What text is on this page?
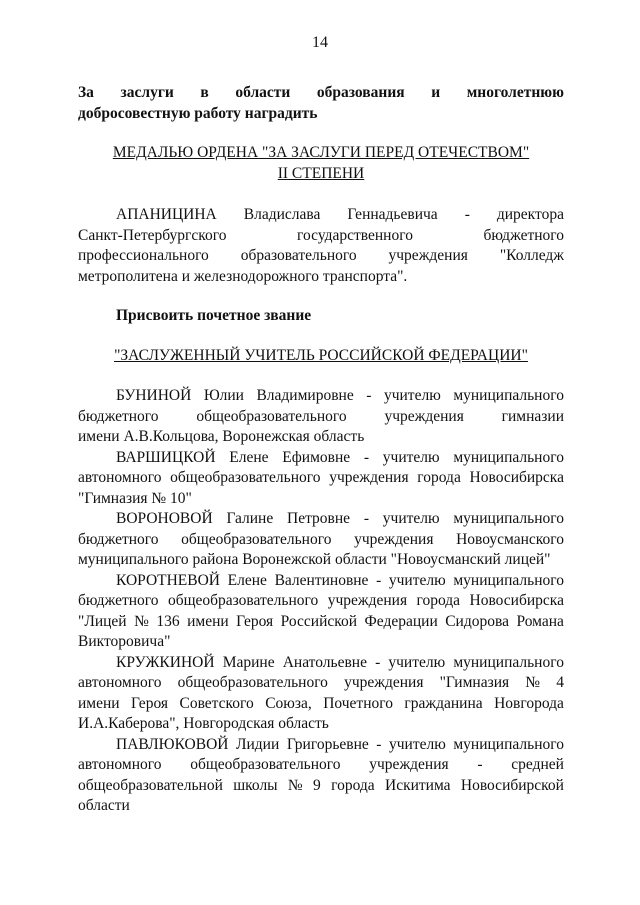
14
За заслуги в области образования и многолетнюю
добросовестную работу наградить
МЕДАЛЬЮ ОРДЕНА "ЗА ЗАСЛУГИ ПЕРЕД ОТЕЧЕСТВОМ"
II СТЕПЕНИ
АПАНИЦИНА Владислава Геннадьевича - директора
Санкт-Петербургского	государственного	бюджетного
профессионального образовательного учреждения "Колледж
метрополитена и железнодорожного транспорта".
Присвоить почетное звание
"ЗАСЛУЖЕННЫЙ УЧИТЕЛЬ РОССИЙСКОЙ ФЕДЕРАЦИИ"
БУНИНОЙ Юлии Владимировне - учителю муниципального
бюджетного общеобразовательного учреждения гимназии
имени А.В.Кольцова, Воронежская область
ВАРШИЦКОЙ Елене Ефимовне - учителю муниципального
автономного общеобразовательного учреждения города Новосибирска
"Гимназия № 10"
ВОРОНОВОЙ Галине Петровне - учителю муниципального
бюджетного общеобразовательного учреждения Новоусманского
муниципального района Воронежской области "Новоусманский лицей"
КОРОТНЕВОЙ Елене Валентиновне - учителю муниципального
бюджетного общеобразовательного учреждения города Новосибирска
"Лицей № 136 имени Героя Российской Федерации Сидорова Романа
Викторовича"
КРУЖКИНОЙ Марине Анатольевне - учителю муниципального
автономного общеобразовательного учреждения "Гимназия № 4
имени Героя Советского Союза, Почетного гражданина Новгорода
И.А.Каберова", Новгородская область
ПАВЛЮКОВОЙ Лидии Григорьевне - учителю муниципального
автономного общеобразовательного учреждения - средней
общеобразовательной школы № 9 города Искитима Новосибирской
области
